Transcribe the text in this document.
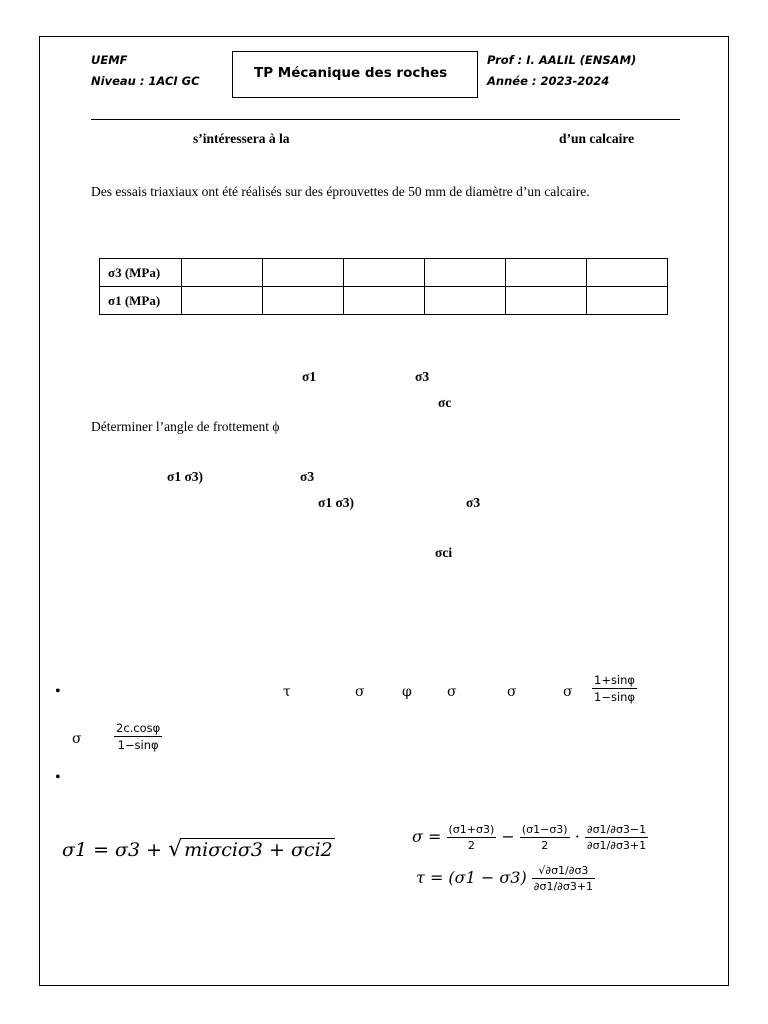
UEMF
Niveau : 1ACI GC	TP Mécanique des roches
Prof : I. AALIL (ENSAM)
Année : 2023-2024
s’intéressera à la	d’un calcaire
Des essais triaxiaux ont été réalisés sur des éprouvettes de 50 mm de diamètre d’un calcaire.
σ3 (MPa)						
σ1 (MPa)						
σ1	σ3
σc
Déterminer l’angle de frottement ϕ
σ1 σ3)	σ3
σ1 σ3)	σ3
σci
•	τ	σ	φ	σ	σ	σ $\frac{1+\sin\varphi}{1-\sin\varphi}$
σ	$\frac{2c.\cos\varphi}{1-\sin\varphi}$
•
σ1 = σ3 + √ miσciσ3 + σci2
$\sigma = \frac{(\sigma 1+\sigma 3)}{2} - \frac{(\sigma 1-\sigma 3)}{2} \cdot \frac{\partial\sigma 1/\partial\sigma 3-1}{\partial\sigma 1/\partial\sigma 3+1}$
$\tau = (\sigma 1 - \sigma 3) \frac{√\partial\sigma 1/\partial\sigma 3}{\partial\sigma 1/\partial\sigma 3+1}$
